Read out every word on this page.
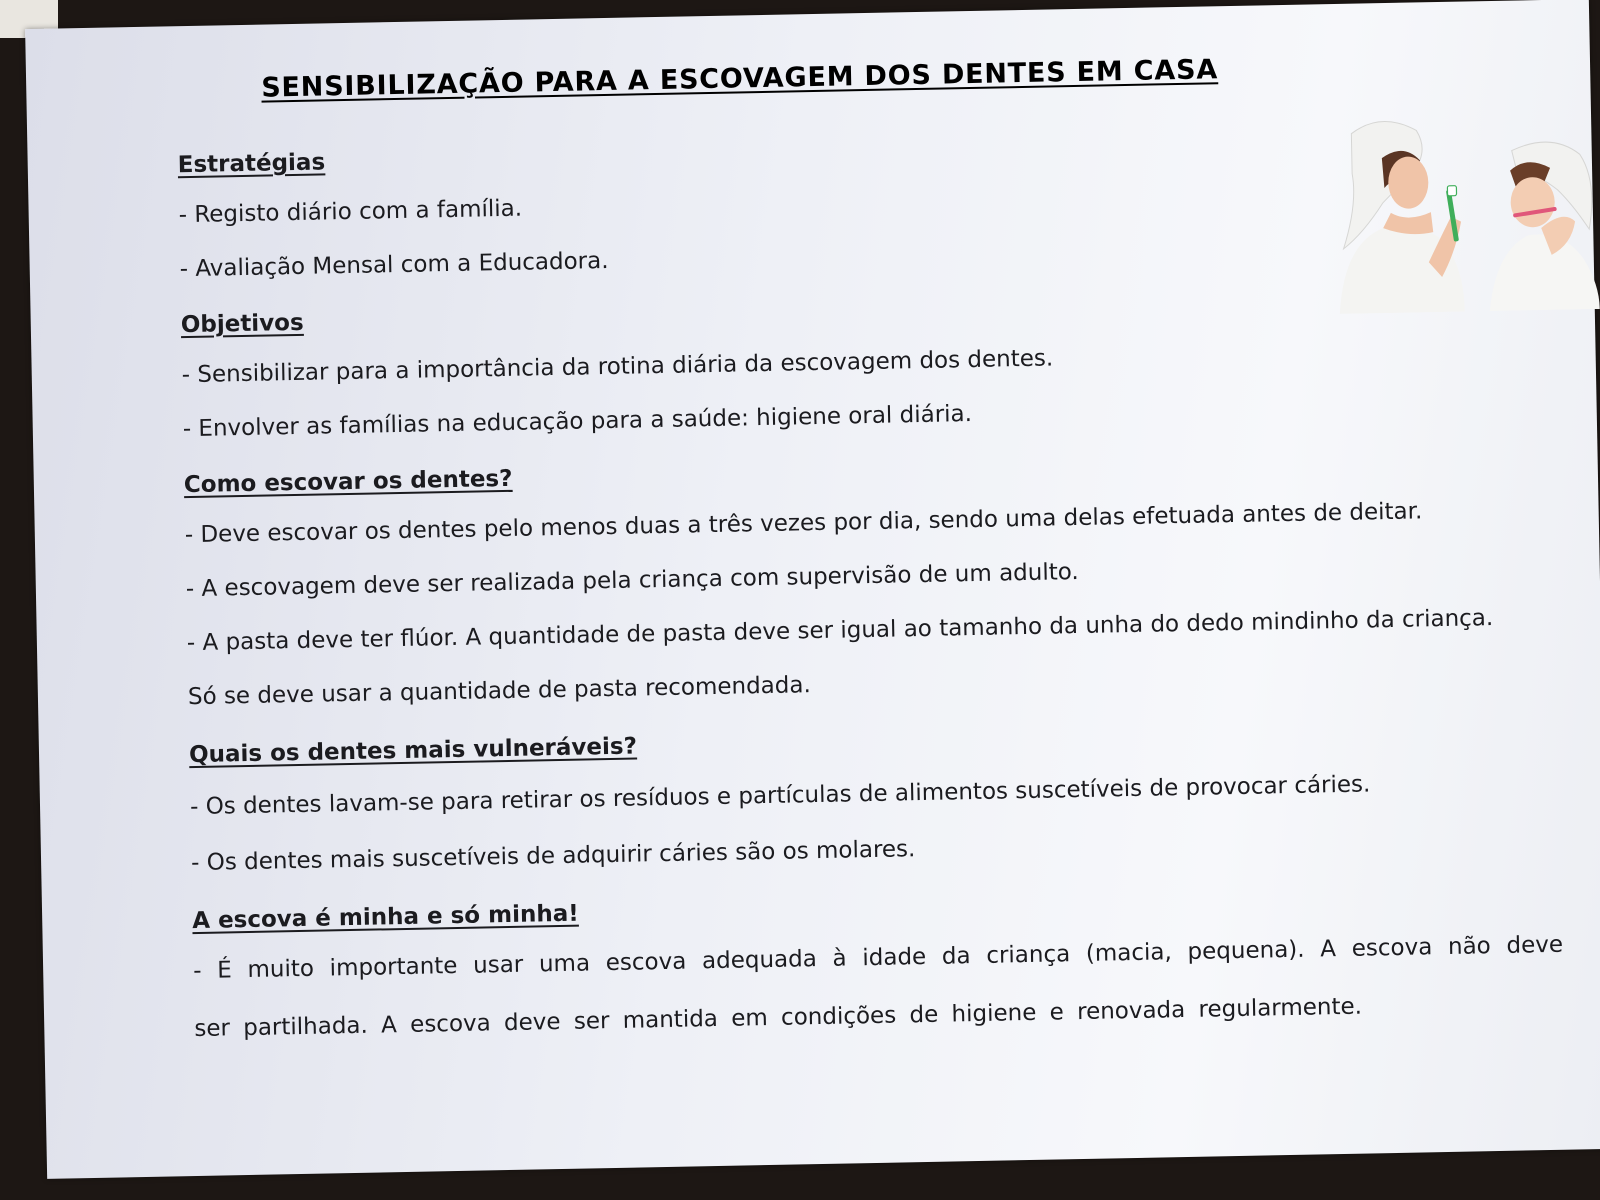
SENSIBILIZAÇÃO PARA A ESCOVAGEM DOS DENTES EM CASA
Estratégias
- Registo diário com a família.
- Avaliação Mensal com a Educadora.
Objetivos
- Sensibilizar para a importância da rotina diária da escovagem dos dentes.
- Envolver as famílias na educação para a saúde: higiene oral diária.
Como escovar os dentes?
- Deve escovar os dentes pelo menos duas a três vezes por dia, sendo uma delas efetuada antes de deitar.
- A escovagem deve ser realizada pela criança com supervisão de um adulto.
- A pasta deve ter flúor. A quantidade de pasta deve ser igual ao tamanho da unha do dedo mindinho da criança.
Só se deve usar a quantidade de pasta recomendada.
Quais os dentes mais vulneráveis?
- Os dentes lavam-se para retirar os resíduos e partículas de alimentos suscetíveis de provocar cáries.
- Os dentes mais suscetíveis de adquirir cáries são os molares.
A escova é minha e só minha!
- É muito importante usar uma escova adequada à idade da criança (macia, pequena). A escova não deve ser partilhada. A escova deve ser mantida em condições de higiene e renovada regularmente.
